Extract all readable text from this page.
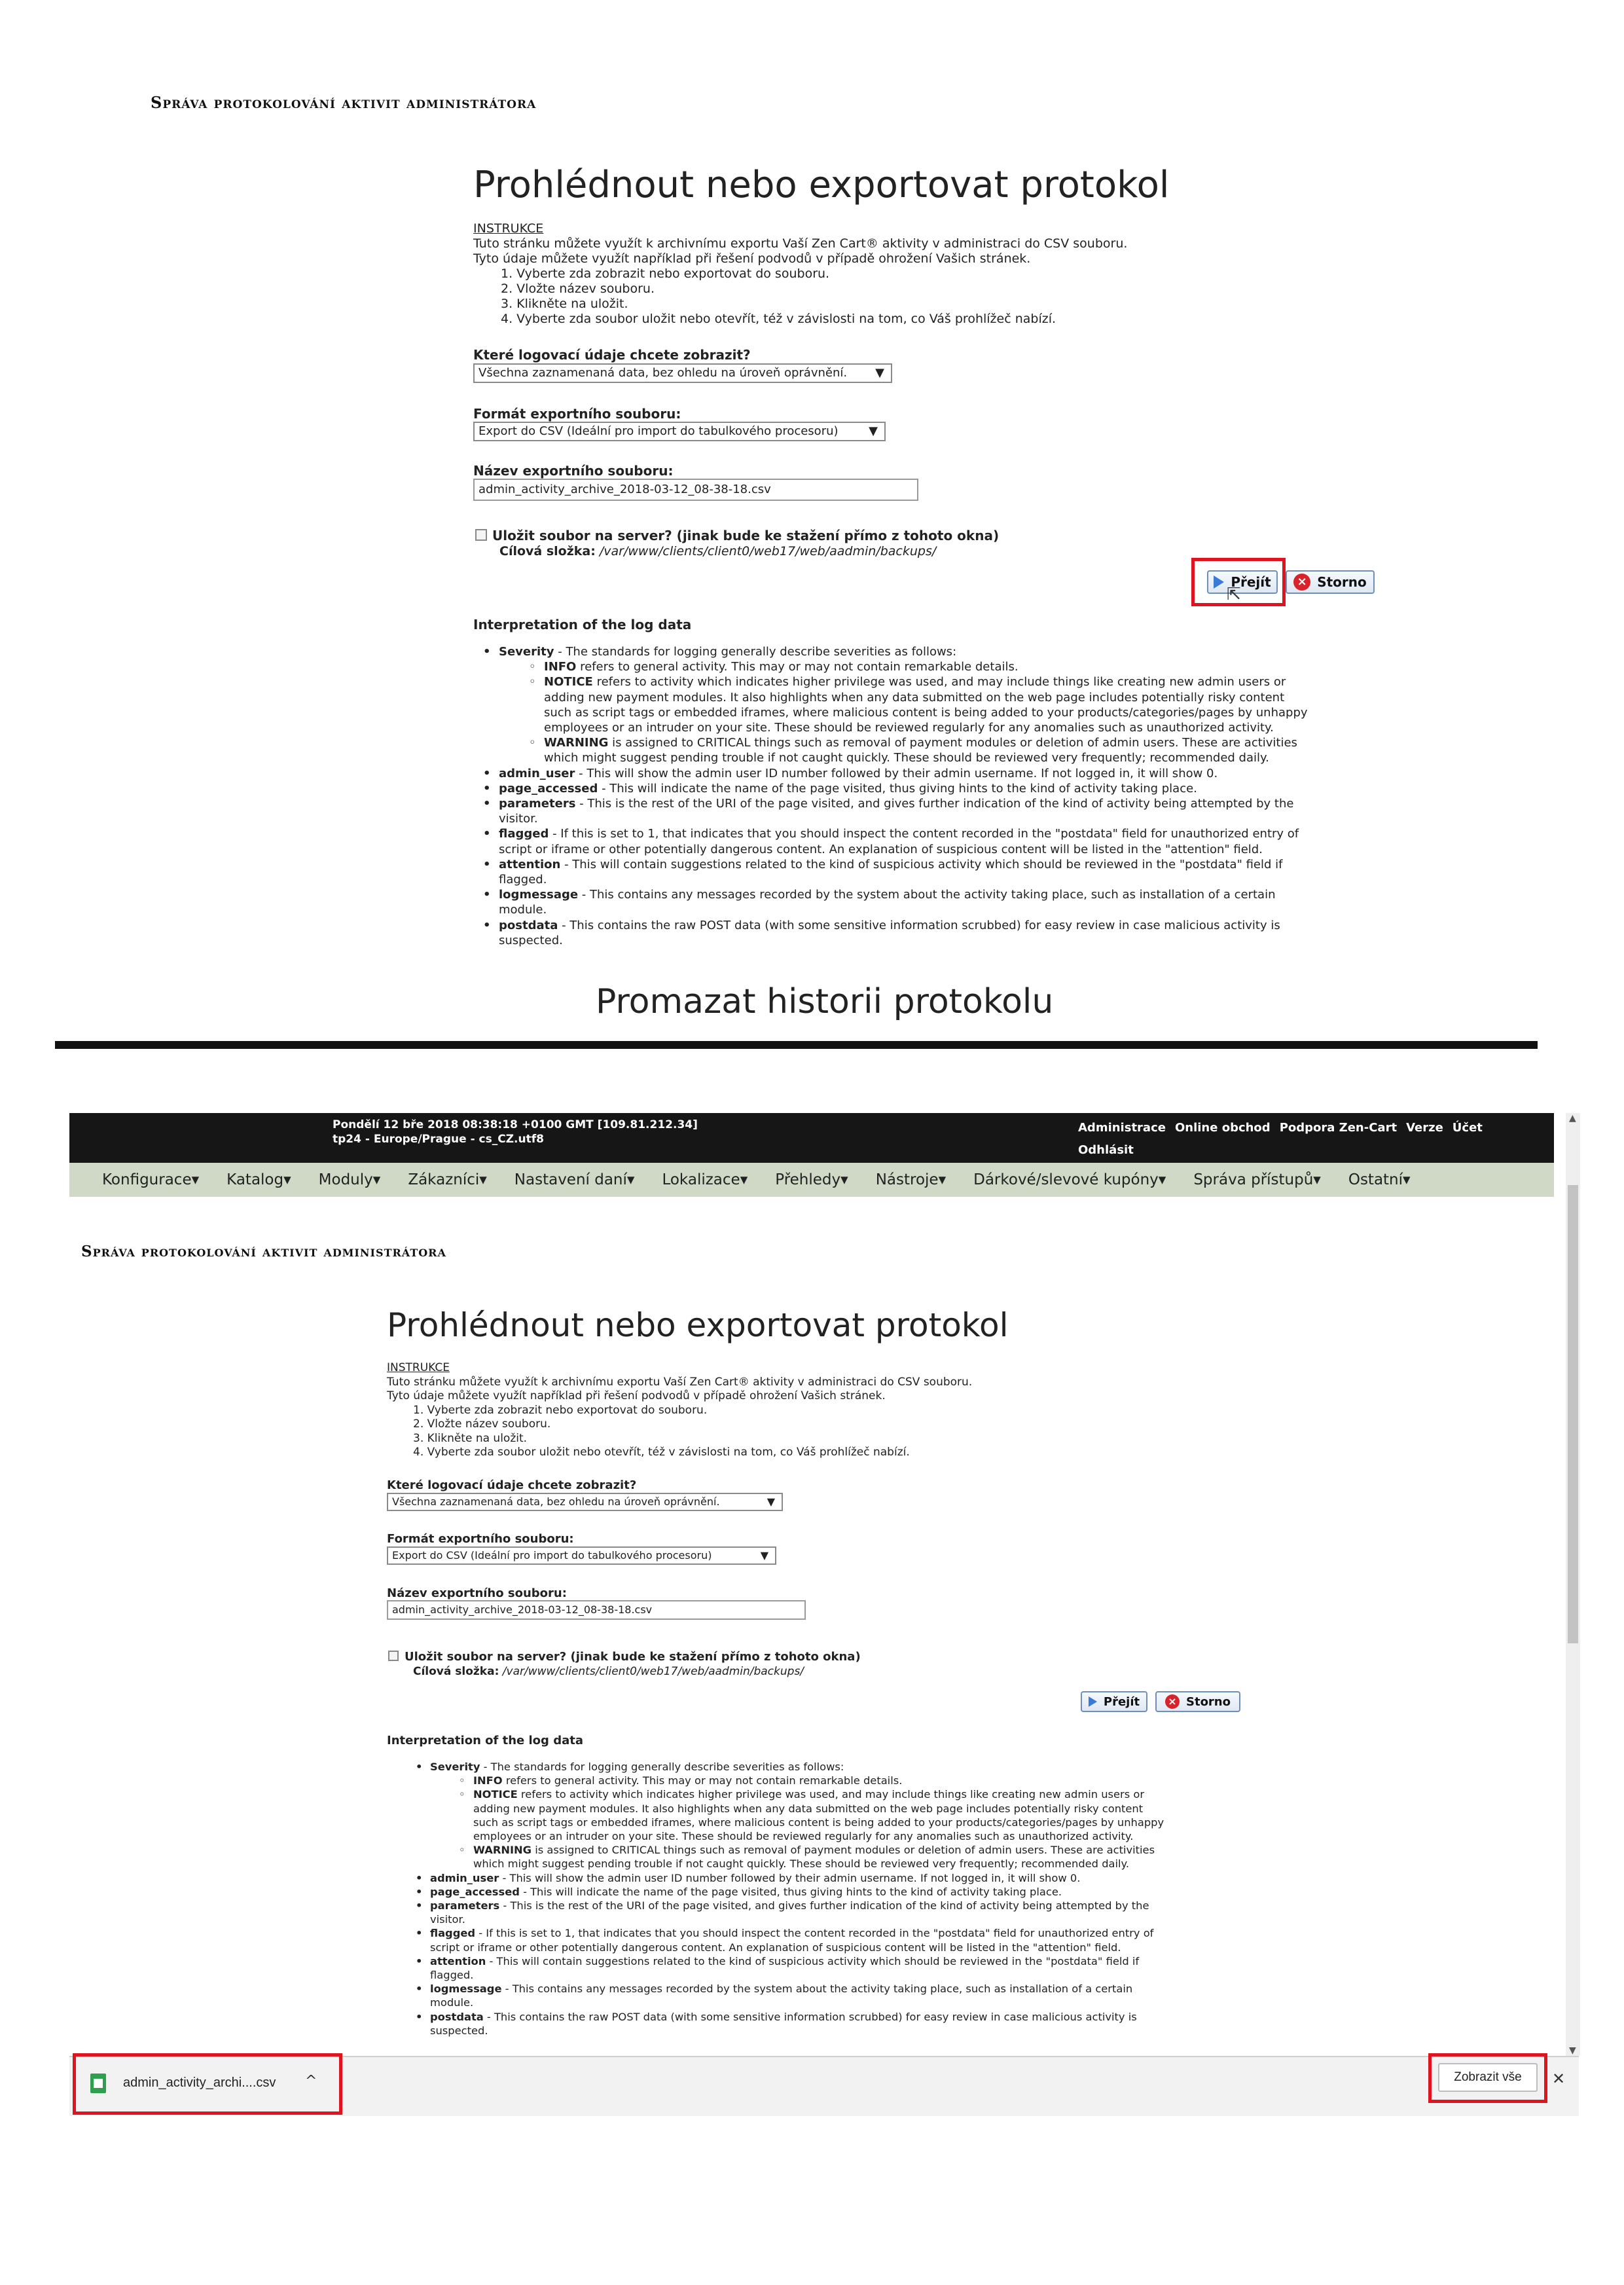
Správa protokolování aktivit administrátora
Prohlédnout nebo exportovat protokol
INSTRUKCE
Tuto stránku můžete využít k archivnímu exportu Vaší Zen Cart® aktivity v administraci do CSV souboru.
Tyto údaje můžete využít například při řešení podvodů v případě ohrožení Vašich stránek.
1. Vyberte zda zobrazit nebo exportovat do souboru.
2. Vložte název souboru.
3. Klikněte na uložit.
4. Vyberte zda soubor uložit nebo otevřít, též v závislosti na tom, co Váš prohlížeč nabízí.
Které logovací údaje chcete zobrazit?
Všechna zaznamenaná data, bez ohledu na úroveň oprávnění. ▼
Formát exportního souboru:
Export do CSV (Ideální pro import do tabulkového procesoru)	▼
Název exportního souboru:
admin_activity_archive_2018-03-12_08-38-18.csv
Uložit soubor na server? (jinak bude ke stažení přímo z tohoto okna)
Cílová složka: /var/www/clients/client0/web17/web/aadmin/backups/
Přejít
⇱
× Storno
Interpretation of the log data
• Severity - The standards for logging generally describe severities as follows:
◦ INFO refers to general activity. This may or may not contain remarkable details.
◦ NOTICE refers to activity which indicates higher privilege was used, and may include things like creating new admin users or
adding new payment modules. It also highlights when any data submitted on the web page includes potentially risky content
such as script tags or embedded iframes, where malicious content is being added to your products/categories/pages by unhappy
employees or an intruder on your site. These should be reviewed regularly for any anomalies such as unauthorized activity.
◦ WARNING is assigned to CRITICAL things such as removal of payment modules or deletion of admin users. These are activities
which might suggest pending trouble if not caught quickly. These should be reviewed very frequently; recommended daily.
• admin_user - This will show the admin user ID number followed by their admin username. If not logged in, it will show 0.
• page_accessed - This will indicate the name of the page visited, thus giving hints to the kind of activity taking place.
• parameters - This is the rest of the URI of the page visited, and gives further indication of the kind of activity being attempted by the
visitor.
• flagged - If this is set to 1, that indicates that you should inspect the content recorded in the "postdata" field for unauthorized entry of
script or iframe or other potentially dangerous content. An explanation of suspicious content will be listed in the "attention" field.
• attention - This will contain suggestions related to the kind of suspicious activity which should be reviewed in the "postdata" field if
flagged.
• logmessage - This contains any messages recorded by the system about the activity taking place, such as installation of a certain
module.
• postdata - This contains the raw POST data (with some sensitive information scrubbed) for easy review in case malicious activity is
suspected.
Promazat historii protokolu
Pondělí 12 bře 2018 08:38:18 +0100 GMT [109.81.212.34]
tp24 - Europe/Prague - cs_CZ.utf8
Administrace Online obchod Podpora Zen-Cart Verze Účet
Odhlásit
Konfigurace▾ Katalog▾ Moduly▾ Zákazníci▾ Nastavení daní▾ Lokalizace▾ Přehledy▾ Nástroje▾ Dárkové/slevové kupóny▾ Správa přístupů▾ Ostatní▾
▲
▼
Správa protokolování aktivit administrátora
Prohlédnout nebo exportovat protokol
INSTRUKCE
Tuto stránku můžete využít k archivnímu exportu Vaší Zen Cart® aktivity v administraci do CSV souboru.
Tyto údaje můžete využít například při řešení podvodů v případě ohrožení Vašich stránek.
1. Vyberte zda zobrazit nebo exportovat do souboru.
2. Vložte název souboru.
3. Klikněte na uložit.
4. Vyberte zda soubor uložit nebo otevřít, též v závislosti na tom, co Váš prohlížeč nabízí.
Které logovací údaje chcete zobrazit?
Všechna zaznamenaná data, bez ohledu na úroveň oprávnění.	▼
Formát exportního souboru:
Export do CSV (Ideální pro import do tabulkového procesoru)	▼
Název exportního souboru:
admin_activity_archive_2018-03-12_08-38-18.csv
Uložit soubor na server? (jinak bude ke stažení přímo z tohoto okna)
Cílová složka: /var/www/clients/client0/web17/web/aadmin/backups/
Přejít	× Storno
Interpretation of the log data
• Severity - The standards for logging generally describe severities as follows:
◦ INFO refers to general activity. This may or may not contain remarkable details.
◦ NOTICE refers to activity which indicates higher privilege was used, and may include things like creating new admin users or
adding new payment modules. It also highlights when any data submitted on the web page includes potentially risky content
such as script tags or embedded iframes, where malicious content is being added to your products/categories/pages by unhappy
employees or an intruder on your site. These should be reviewed regularly for any anomalies such as unauthorized activity.
◦ WARNING is assigned to CRITICAL things such as removal of payment modules or deletion of admin users. These are activities
which might suggest pending trouble if not caught quickly. These should be reviewed very frequently; recommended daily.
• admin_user - This will show the admin user ID number followed by their admin username. If not logged in, it will show 0.
• page_accessed - This will indicate the name of the page visited, thus giving hints to the kind of activity taking place.
• parameters - This is the rest of the URI of the page visited, and gives further indication of the kind of activity being attempted by the
visitor.
• flagged - If this is set to 1, that indicates that you should inspect the content recorded in the "postdata" field for unauthorized entry of
script or iframe or other potentially dangerous content. An explanation of suspicious content will be listed in the "attention" field.
• attention - This will contain suggestions related to the kind of suspicious activity which should be reviewed in the "postdata" field if
flagged.
• logmessage - This contains any messages recorded by the system about the activity taking place, such as installation of a certain
module.
• postdata - This contains the raw POST data (with some sensitive information scrubbed) for easy review in case malicious activity is
suspected.
admin_activity_archi....csv ^	Zobrazit vše ✕
